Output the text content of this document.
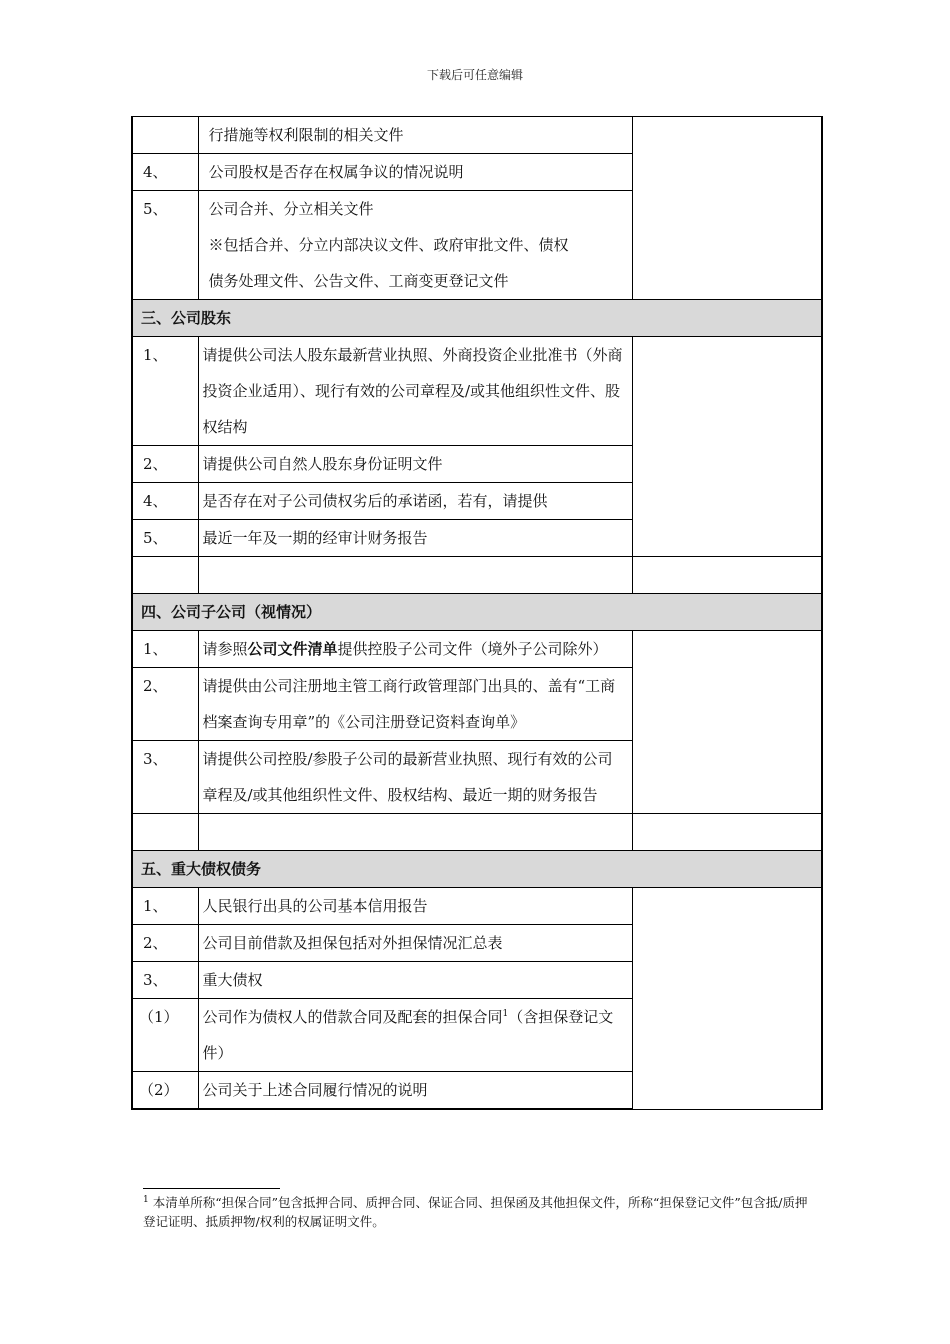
下载后可任意编辑
	行措施等权利限制的相关文件	
4、	公司股权是否存在权属争议的情况说明	
5、	公司合并、分立相关文件
※包括合并、分立内部决议文件、政府审批文件、债权
债务处理文件、公告文件、工商变更登记文件	

三、公司股东		
1、	请提供公司法人股东最新营业执照、外商投资企业批准书（外商投资企业适用）、现行有效的公司章程及/或其他组织性文件、股权结构	
2、	请提供公司自然人股东身份证明文件	
4、	是否存在对子公司债权劣后的承诺函，若有，请提供	
5、	最近一年及一期的经审计财务报告	

四、公司子公司（视情况）		
1、	请参照公司文件清单提供控股子公司文件（境外子公司除外）	
2、	请提供由公司注册地主管工商行政管理部门出具的、盖有“工商档案查询专用章”的《公司注册登记资料查询单》	
3、	请提供公司控股/参股子公司的最新营业执照、现行有效的公司章程及/或其他组织性文件、股权结构、最近一期的财务报告	

五、重大债权债务		
1、	人民银行出具的公司基本信用报告	
2、	公司目前借款及担保包括对外担保情况汇总表	
3、	重大债权	
（1）	公司作为债权人的借款合同及配套的担保合同$^1$（含担保登记文件）	
（2）	公司关于上述合同履行情况的说明	
$^1$ 本清单所称“担保合同”包含抵押合同、质押合同、保证合同、担保函及其他担保文件，所称“担保登记文件”包含抵/质押登记证明、抵质押物/权利的权属证明文件。
